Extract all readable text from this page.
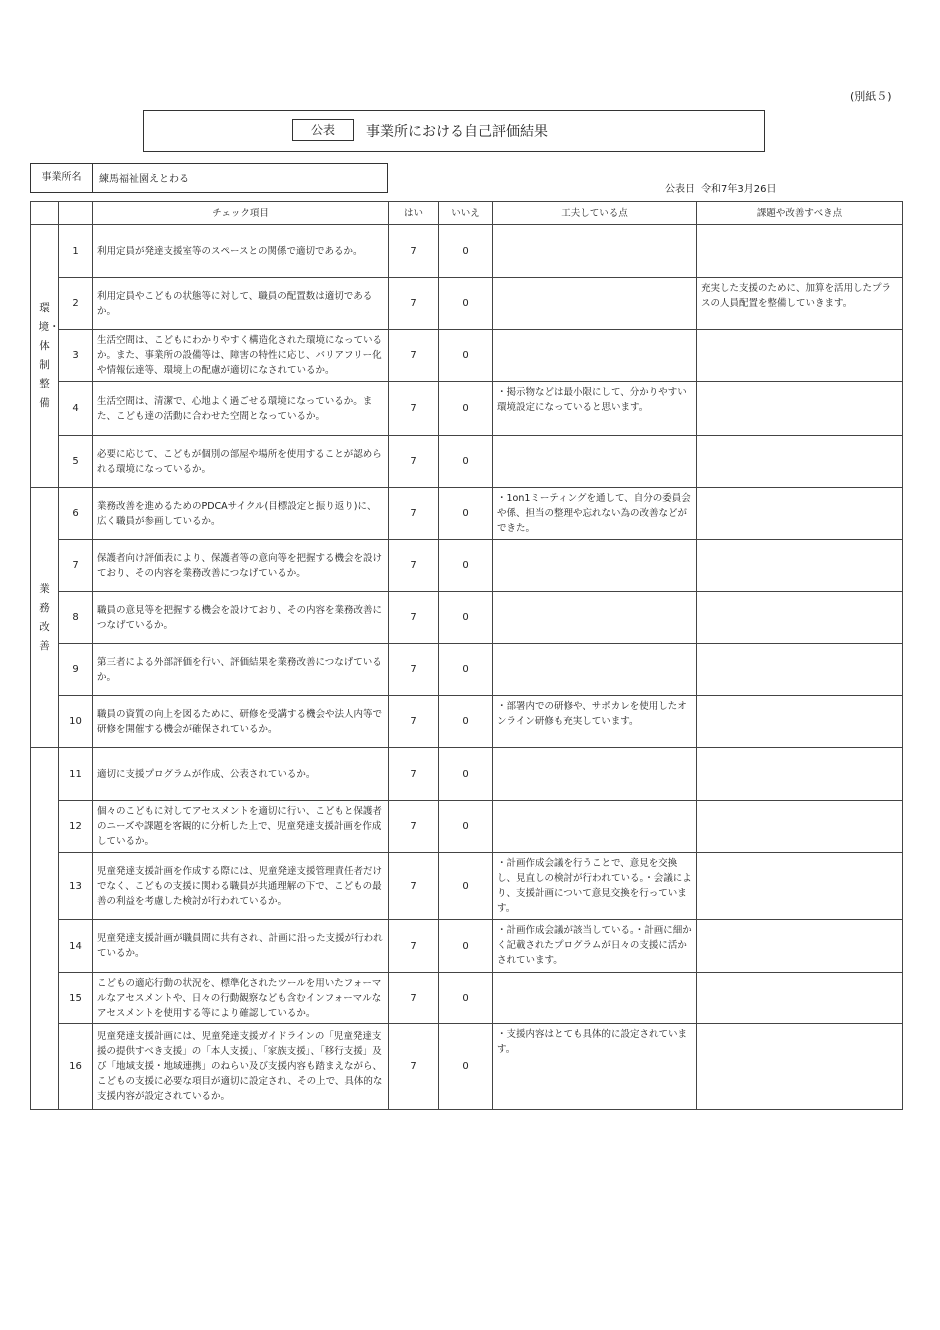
(別紙５)
公表	事業所における自己評価結果
事業所名	練馬福祉園えとわる
公表日 令和7年3月26日
		チェック項目	はい	いいえ	工夫している点	課題や改善すべき点

環境・体制整備	1	利用定員が発達支援室等のスペースとの関係で適切であるか。	7	0		
	2	利用定員やこどもの状態等に対して、職員の配置数は適切であるか。	7	0		充実した支援のために、加算を活用したプラスの人員配置を整備していきます。
	3	生活空間は、こどもにわかりやすく構造化された環境になっているか。また、事業所の設備等は、障害の特性に応じ、バリアフリー化や情報伝達等、環境上の配慮が適切になされているか。	7	0		
	4	生活空間は、清潔で、心地よく過ごせる環境になっているか。また、こども達の活動に合わせた空間となっているか。	7	0	・掲示物などは最小限にして、分かりやすい環境設定になっていると思います。	
	5	必要に応じて、こどもが個別の部屋や場所を使用することが認められる環境になっているか。	7	0		

業務改善	6	業務改善を進めるためのPDCAサイクル(目標設定と振り返り)に、広く職員が参画しているか。	7	0	・1on1ミーティングを通して、自分の委員会や係、担当の整理や忘れない為の改善などができた。	
	7	保護者向け評価表により、保護者等の意向等を把握する機会を設けており、その内容を業務改善につなげているか。	7	0		
	8	職員の意見等を把握する機会を設けており、その内容を業務改善につなげているか。	7	0		
	9	第三者による外部評価を行い、評価結果を業務改善につなげているか。	7	0		
	10	職員の資質の向上を図るために、研修を受講する機会や法人内等で研修を開催する機会が確保されているか。	7	0	・部署内での研修や、サポカレを使用したオンライン研修も充実しています。	

	11	適切に支援プログラムが作成、公表されているか。	7	0		
	12	個々のこどもに対してアセスメントを適切に行い、こどもと保護者のニーズや課題を客観的に分析した上で、児童発達支援計画を作成しているか。	7	0		
	13	児童発達支援計画を作成する際には、児童発達支援管理責任者だけでなく、こどもの支援に関わる職員が共通理解の下で、こどもの最善の利益を考慮した検討が行われているか。	7	0	・計画作成会議を行うことで、意見を交換し、見直しの検討が行われている。・会議により、支援計画について意見交換を行っています。	
	14	児童発達支援計画が職員間に共有され、計画に沿った支援が行われているか。	7	0	・計画作成会議が該当している。・計画に細かく記載されたプログラムが日々の支援に活かされています。	
	15	こどもの適応行動の状況を、標準化されたツールを用いたフォーマルなアセスメントや、日々の行動観察なども含むインフォーマルなアセスメントを使用する等により確認しているか。	7	0		
	16	児童発達支援計画には、児童発達支援ガイドラインの「児童発達支援の提供すべき支援」の「本人支援」、「家族支援」、「移行支援」及び「地域支援・地域連携」のねらい及び支援内容も踏まえながら、こどもの支援に必要な項目が適切に設定され、その上で、具体的な支援内容が設定されているか。	7	0	・支援内容はとても具体的に設定されています。	
